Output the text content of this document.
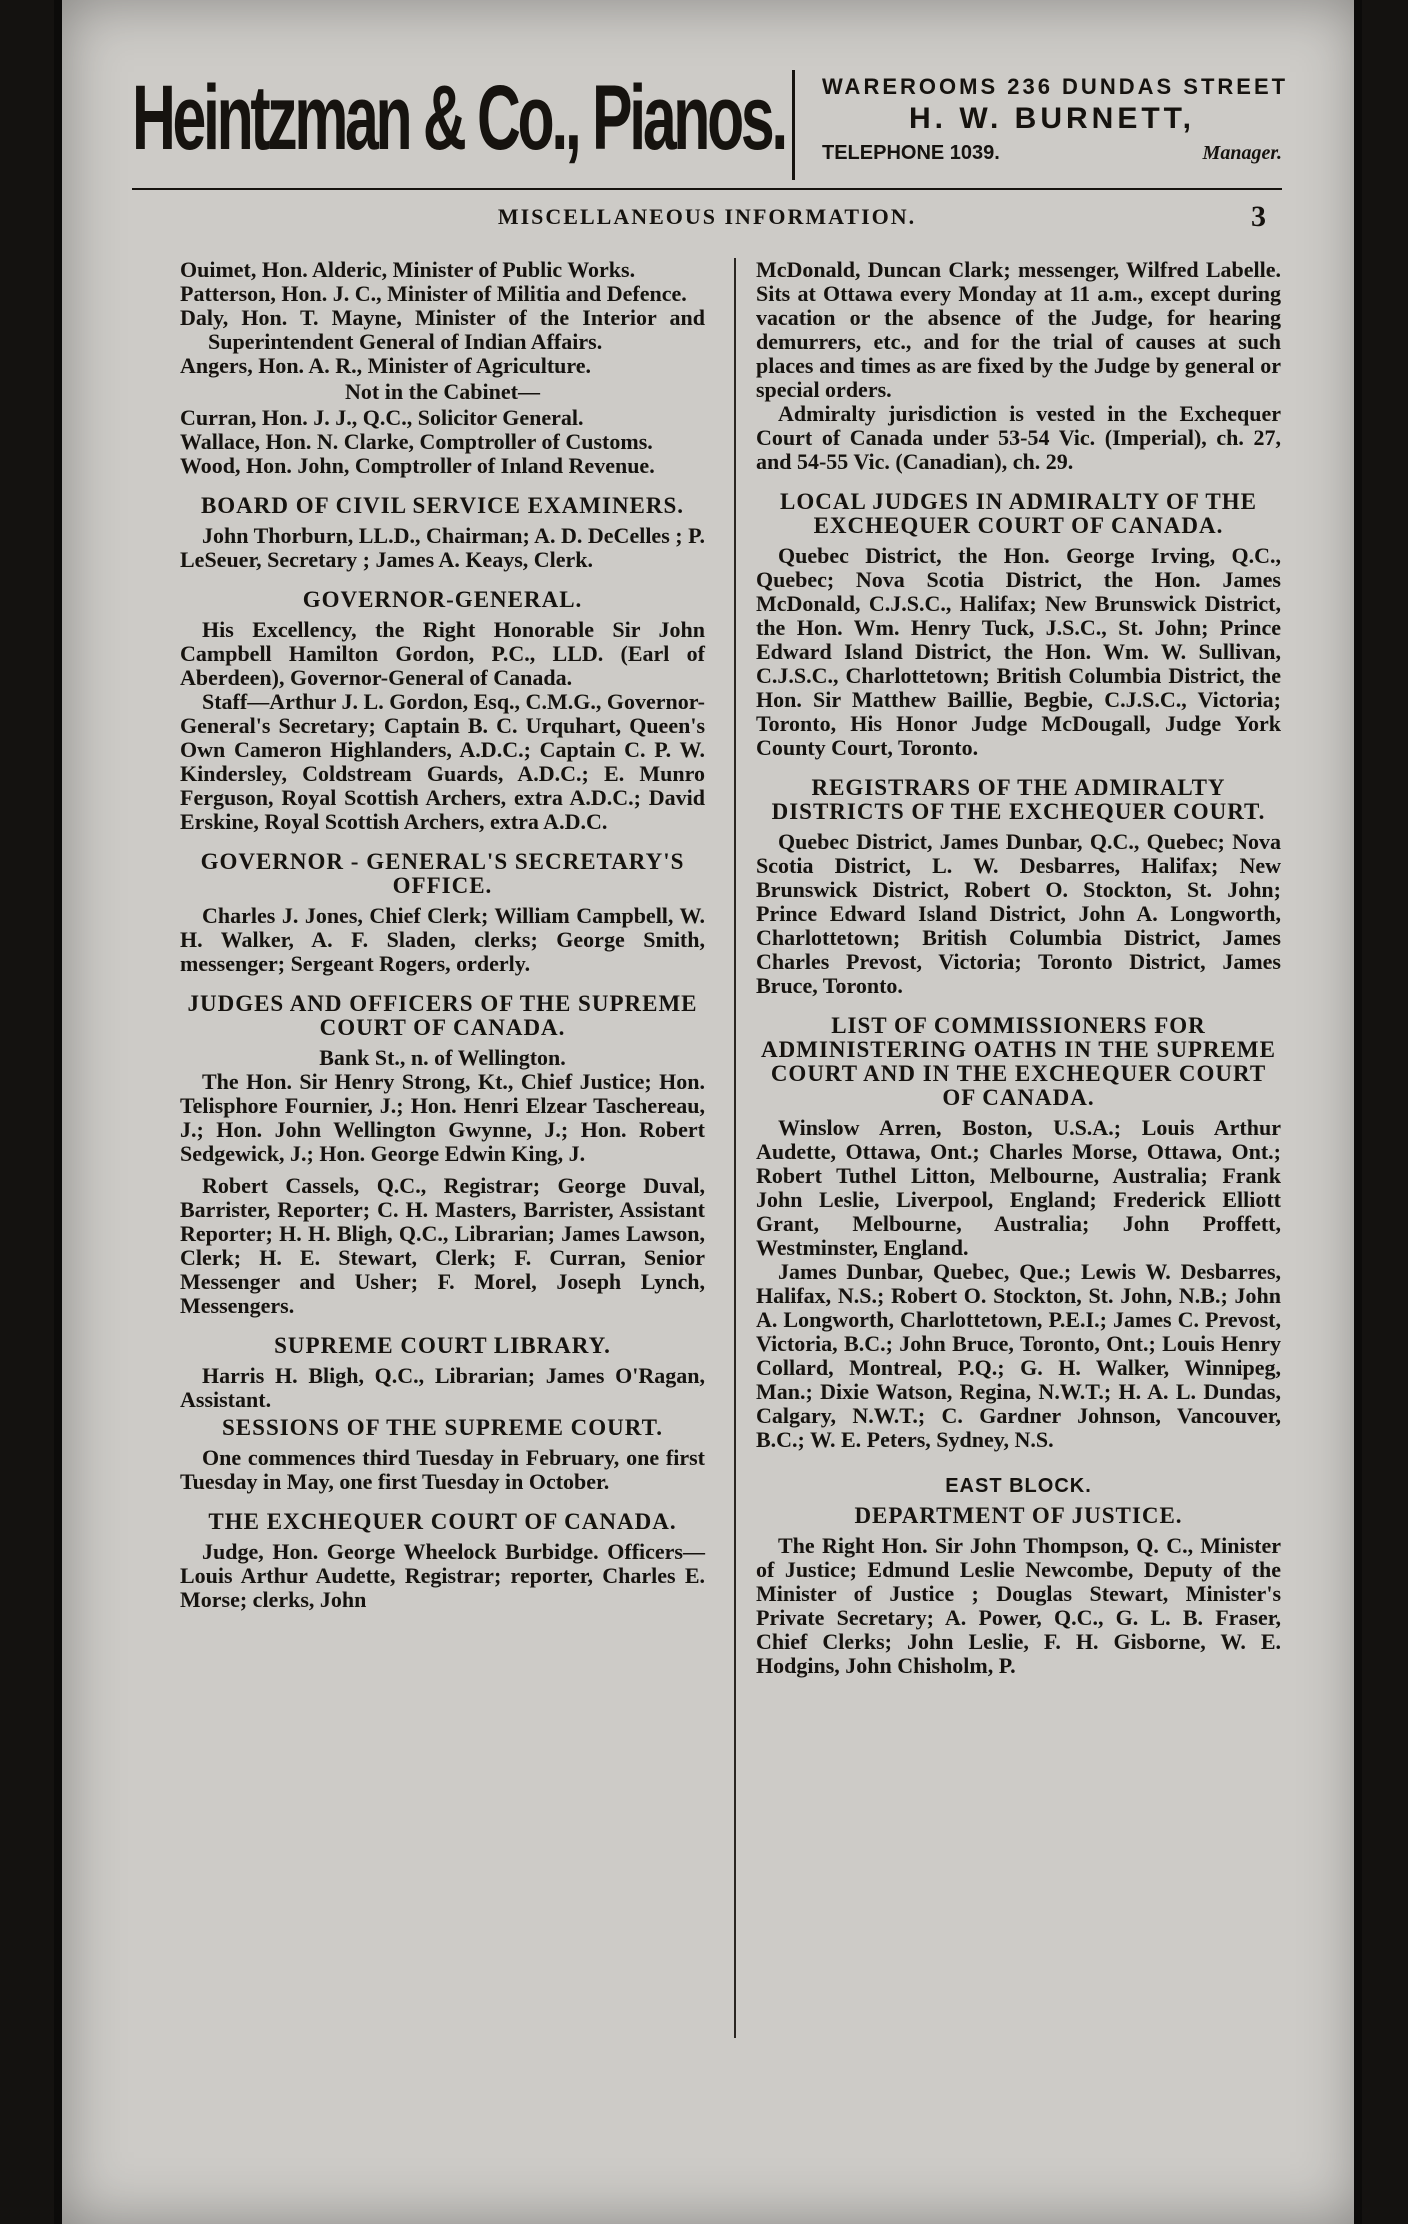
Heintzman & Co., Pianos. WAREROOMS 236 DUNDAS STREET
H. W. BURNETT,
TELEPHONE 1039.	Manager.
MISCELLANEOUS INFORMATION.	3

Ouimet, Hon. Alderic, Minister of Public Works.

Patterson, Hon. J. C., Minister of Militia and Defence.

Daly, Hon. T. Mayne, Minister of the Interior and Superintendent General of Indian Affairs.

Angers, Hon. A. R., Minister of Agriculture.

Not in the Cabinet—

Curran, Hon. J. J., Q.C., Solicitor General.

Wallace, Hon. N. Clarke, Comptroller of Customs.

Wood, Hon. John, Comptroller of Inland Revenue.

BOARD OF CIVIL SERVICE EXAMINERS.

John Thorburn, LL.D., Chairman; A. D. DeCelles ; P. LeSeuer, Secretary ; James A. Keays, Clerk.

GOVERNOR-GENERAL.

His Excellency, the Right Honorable Sir John Campbell Hamilton Gordon, P.C., LLD. (Earl of Aberdeen), Governor-General of Canada.

Staff—Arthur J. L. Gordon, Esq., C.M.G., Governor-General's Secretary; Captain B. C. Urquhart, Queen's Own Cameron Highlanders, A.D.C.; Captain C. P. W. Kindersley, Coldstream Guards, A.D.C.; E. Munro Ferguson, Royal Scottish Archers, extra A.D.C.; David Erskine, Royal Scottish Archers, extra A.D.C.

GOVERNOR - GENERAL'S SECRETARY'S OFFICE.

Charles J. Jones, Chief Clerk; William Campbell, W. H. Walker, A. F. Sladen, clerks; George Smith, messenger; Sergeant Rogers, orderly.

JUDGES AND OFFICERS OF THE SUPREME COURT OF CANADA.

Bank St., n. of Wellington.

The Hon. Sir Henry Strong, Kt., Chief Justice; Hon. Telisphore Fournier, J.; Hon. Henri Elzear Taschereau, J.; Hon. John Wellington Gwynne, J.; Hon. Robert Sedgewick, J.; Hon. George Edwin King, J.

Robert Cassels, Q.C., Registrar; George Duval, Barrister, Reporter; C. H. Masters, Barrister, Assistant Reporter; H. H. Bligh, Q.C., Librarian; James Lawson, Clerk; H. E. Stewart, Clerk; F. Curran, Senior Messenger and Usher; F. Morel, Joseph Lynch, Messengers.

SUPREME COURT LIBRARY.

Harris H. Bligh, Q.C., Librarian; James O'Ragan, Assistant.

SESSIONS OF THE SUPREME COURT.

One commences third Tuesday in February, one first Tuesday in May, one first Tuesday in October.

THE EXCHEQUER COURT OF CANADA.

Judge, Hon. George Wheelock Burbidge. Officers—Louis Arthur Audette, Registrar; reporter, Charles E. Morse; clerks, John

McDonald, Duncan Clark; messenger, Wilfred Labelle. Sits at Ottawa every Monday at 11 a.m., except during vacation or the absence of the Judge, for hearing demurrers, etc., and for the trial of causes at such places and times as are fixed by the Judge by general or special orders.

Admiralty jurisdiction is vested in the Exchequer Court of Canada under 53-54 Vic. (Imperial), ch. 27, and 54-55 Vic. (Canadian), ch. 29.

LOCAL JUDGES IN ADMIRALTY OF THE EXCHEQUER COURT OF CANADA.

Quebec District, the Hon. George Irving, Q.C., Quebec; Nova Scotia District, the Hon. James McDonald, C.J.S.C., Halifax; New Brunswick District, the Hon. Wm. Henry Tuck, J.S.C., St. John; Prince Edward Island District, the Hon. Wm. W. Sullivan, C.J.S.C., Charlottetown; British Columbia District, the Hon. Sir Matthew Baillie, Begbie, C.J.S.C., Victoria; Toronto, His Honor Judge McDougall, Judge York County Court, Toronto.

REGISTRARS OF THE ADMIRALTY DISTRICTS OF THE EXCHEQUER COURT.

Quebec District, James Dunbar, Q.C., Quebec; Nova Scotia District, L. W. Desbarres, Halifax; New Brunswick District, Robert O. Stockton, St. John; Prince Edward Island District, John A. Longworth, Charlottetown; British Columbia District, James Charles Prevost, Victoria; Toronto District, James Bruce, Toronto.

LIST OF COMMISSIONERS FOR ADMINISTERING OATHS IN THE SUPREME COURT AND IN THE EXCHEQUER COURT OF CANADA.

Winslow Arren, Boston, U.S.A.; Louis Arthur Audette, Ottawa, Ont.; Charles Morse, Ottawa, Ont.; Robert Tuthel Litton, Melbourne, Australia; Frank John Leslie, Liverpool, England; Frederick Elliott Grant, Melbourne, Australia; John Proffett, Westminster, England.

James Dunbar, Quebec, Que.; Lewis W. Desbarres, Halifax, N.S.; Robert O. Stockton, St. John, N.B.; John A. Longworth, Charlottetown, P.E.I.; James C. Prevost, Victoria, B.C.; John Bruce, Toronto, Ont.; Louis Henry Collard, Montreal, P.Q.; G. H. Walker, Winnipeg, Man.; Dixie Watson, Regina, N.W.T.; H. A. L. Dundas, Calgary, N.W.T.; C. Gardner Johnson, Vancouver, B.C.; W. E. Peters, Sydney, N.S.

EAST BLOCK.

DEPARTMENT OF JUSTICE.

The Right Hon. Sir John Thompson, Q. C., Minister of Justice; Edmund Leslie Newcombe, Deputy of the Minister of Justice ; Douglas Stewart, Minister's Private Secretary; A. Power, Q.C., G. L. B. Fraser, Chief Clerks; John Leslie, F. H. Gisborne, W. E. Hodgins, John Chisholm, P.
